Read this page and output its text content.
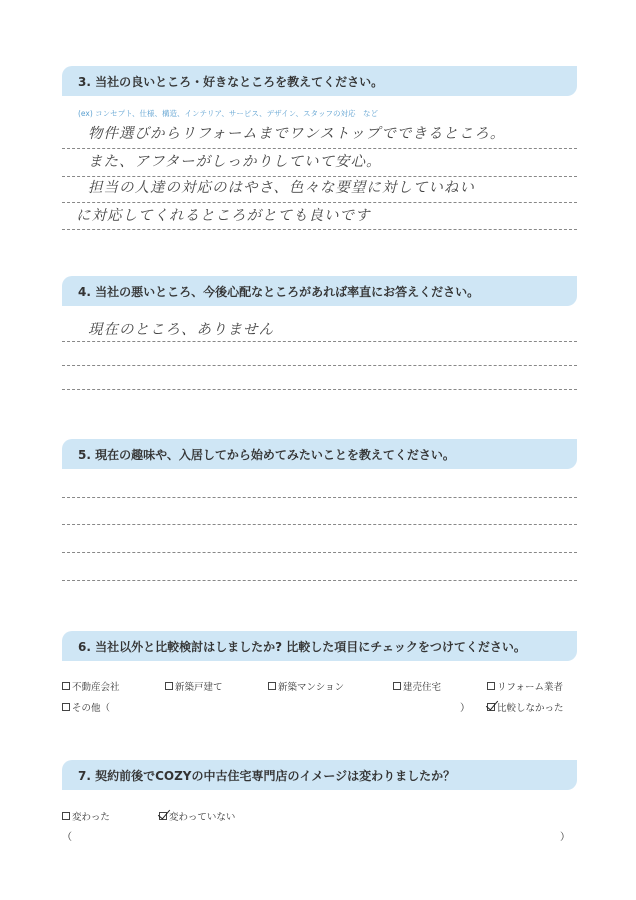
3. 当社の良いところ・好きなところを教えてください。
(ex) コンセプト、仕様、構造、インテリア、サービス、デザイン、スタッフの対応　など
物件選びからリフォームまでワンストップでできるところ。
また、アフターがしっかりしていて安心。
担当の人達の対応のはやさ、色々な要望に対していねい
に対応してくれるところがとても良いです
4. 当社の悪いところ、今後心配なところがあれば率直にお答えください。
現在のところ、ありません
5. 現在の趣味や、入居してから始めてみたいことを教えてください。
6. 当社以外と比較検討はしましたか? 比較した項目にチェックをつけてください。
不動産会社	新築戸建て	新築マンション	建売住宅	リフォーム業者
その他（	）	比較しなかった
7. 契約前後でCOZYの中古住宅専門店のイメージは変わりましたか？
変わった	変わっていない
（	）
